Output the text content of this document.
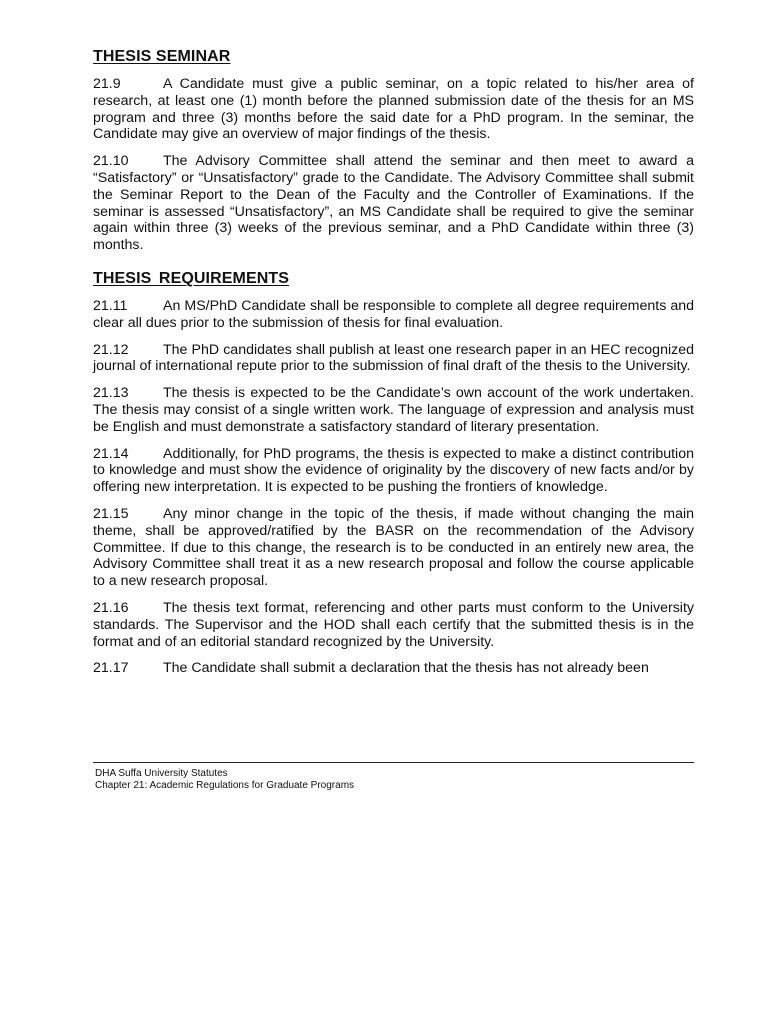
THESIS SEMINAR

21.9	A Candidate must give a public seminar, on a topic related to his/her area of research, at least one (1) month before the planned submission date of the thesis for an MS program and three (3) months before the said date for a PhD program. In the seminar, the Candidate may give an overview of major findings of the thesis.

21.10 The Advisory Committee shall attend the seminar and then meet to award a “Satisfactory” or “Unsatisfactory” grade to the Candidate. The Advisory Committee shall submit the Seminar Report to the Dean of the Faculty and the Controller of Examinations. If the seminar is assessed “Unsatisfactory”, an MS Candidate shall be required to give the seminar again within three (3) weeks of the previous seminar, and a PhD Candidate within three (3) months.

THESIS REQUIREMENTS

21.11	An MS/PhD Candidate shall be responsible to complete all degree requirements and clear all dues prior to the submission of thesis for final evaluation.

21.12 The PhD candidates shall publish at least one research paper in an HEC recognized journal of international repute prior to the submission of final draft of the thesis to the University.

21.13 The thesis is expected to be the Candidate’s own account of the work undertaken. The thesis may consist of a single written work. The language of expression and analysis must be English and must demonstrate a satisfactory standard of literary presentation.

21.14 Additionally, for PhD programs, the thesis is expected to make a distinct contribution to knowledge and must show the evidence of originality by the discovery of new facts and/or by offering new interpretation. It is expected to be pushing the frontiers of knowledge.

21.15 Any minor change in the topic of the thesis, if made without changing the main theme, shall be approved/ratified by the BASR on the recommendation of the Advisory Committee. If due to this change, the research is to be conducted in an entirely new area, the Advisory Committee shall treat it as a new research proposal and follow the course applicable to a new research proposal.

21.16 The thesis text format, referencing and other parts must conform to the University standards. The Supervisor and the HOD shall each certify that the submitted thesis is in the format and of an editorial standard recognized by the University.

21.17 The Candidate shall submit a declaration that the thesis has not already been

DHA Suffa University Statutes
Chapter 21: Academic Regulations for Graduate Programs
